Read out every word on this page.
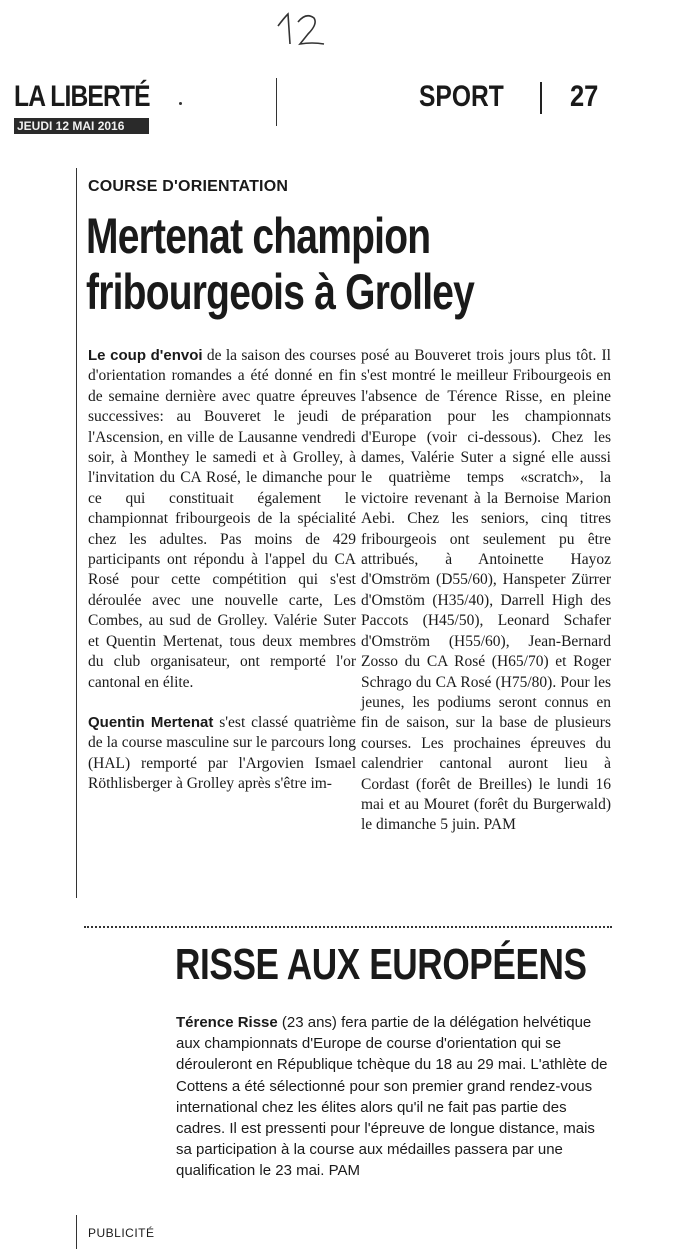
LA LIBERTÉ
JEUDI 12 MAI 2016
SPORT 27
COURSE D'ORIENTATION
Mertenat champion
fribourgeois à Grolley

Le coup d'envoi de la saison des courses d'orientation romandes a été donné en fin de semaine dernière avec quatre épreuves successives: au Bouveret le jeudi de l'Ascension, en ville de Lausanne vendredi soir, à Monthey le samedi et à Grolley, à l'invitation du CA Rosé, le dimanche pour ce qui constituait également le championnat fribourgeois de la spécialité chez les adultes. Pas moins de 429 participants ont répondu à l'appel du CA Rosé pour cette compétition qui s'est déroulée avec une nouvelle carte, Les Combes, au sud de Grolley. Valérie Suter et Quentin Mertenat, tous deux membres du club organisateur, ont remporté l'or cantonal en élite.

Quentin Mertenat s'est classé quatrième de la course masculine sur le parcours long (HAL) remporté par l'Argovien Ismael Röthlisberger à Grolley après s'être im-

posé au Bouveret trois jours plus tôt. Il s'est montré le meilleur Fribourgeois en l'absence de Térence Risse, en pleine préparation pour les championnats d'Europe (voir ci-dessous). Chez les dames, Valérie Suter a signé elle aussi le quatrième temps «scratch», la victoire revenant à la Bernoise Marion Aebi. Chez les seniors, cinq titres fribourgeois ont seulement pu être attribués, à Antoinette Hayoz d'Omström (D55/60), Hanspeter Zürrer d'Omstöm (H35/40), Darrell High des Paccots (H45/50), Leonard Schafer d'Omström (H55/60), Jean-Bernard Zosso du CA Rosé (H65/70) et Roger Schrago du CA Rosé (H75/80). Pour les jeunes, les podiums seront connus en fin de saison, sur la base de plusieurs courses. Les prochaines épreuves du calendrier cantonal auront lieu à Cordast (forêt de Breilles) le lundi 16 mai et au Mouret (forêt du Burgerwald) le dimanche 5 juin. PAM

RISSE AUX EUROPÉENS

Térence Risse (23 ans) fera partie de la délégation helvétique aux championnats d'Europe de course d'orientation qui se dérouleront en République tchèque du 18 au 29 mai. L'athlète de Cottens a été sélectionné pour son premier grand rendez-vous international chez les élites alors qu'il ne fait pas partie des cadres. Il est pressenti pour l'épreuve de longue distance, mais sa participation à la course aux médailles passera par une qualification le 23 mai. PAM

PUBLICITÉ
